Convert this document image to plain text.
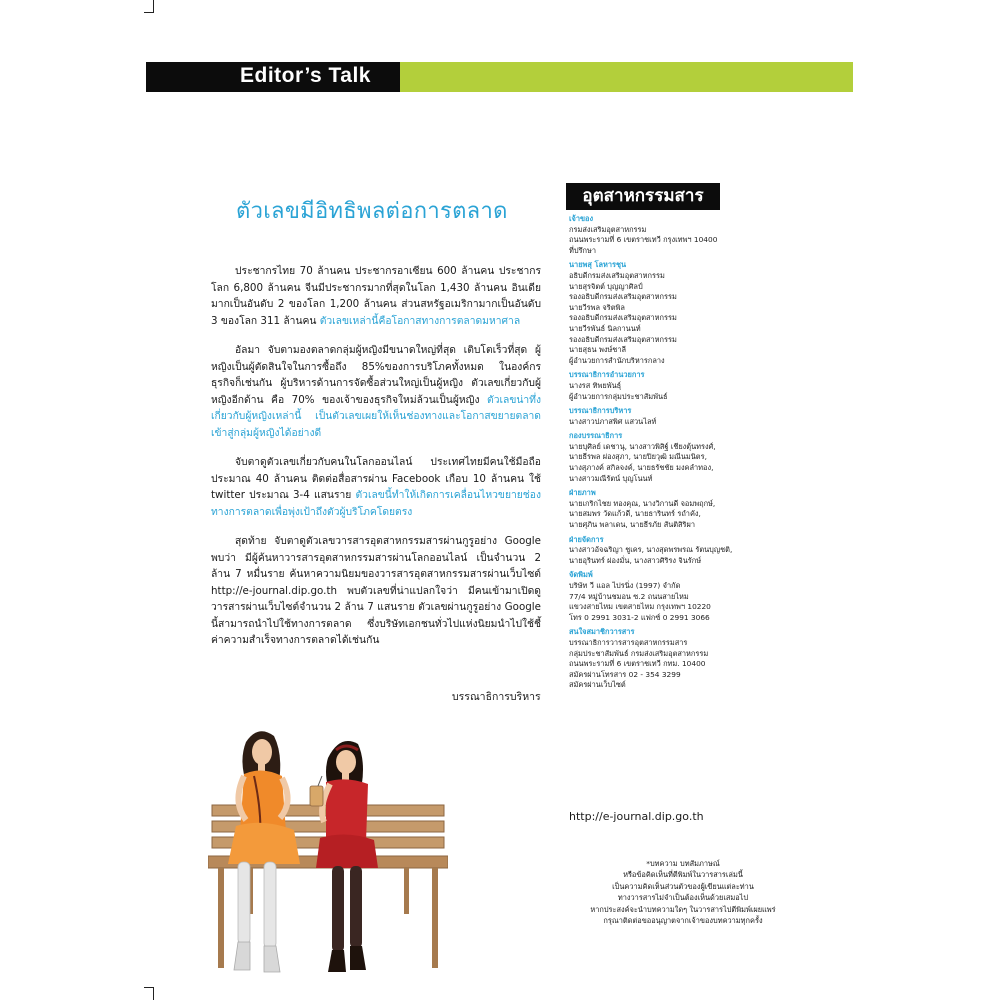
Editor’s Talk
ตัวเลขมีอิทธิพลต่อการตลาด

ประชากรไทย 70 ล้านคน ประชากรอาเซียน 600 ล้านคน ประชากรโลก 6,800 ล้านคน จีนมีประชากรมากที่สุดในโลก 1,430 ล้านคน อินเดียมากเป็นอันดับ 2 ของโลก 1,200 ล้านคน ส่วนสหรัฐอเมริกามากเป็นอันดับ 3 ของโลก 311 ล้านคน ตัวเลขเหล่านี้คือโอกาสทางการตลาดมหาศาล

อัลมา จับตามองตลาดกลุ่มผู้หญิงมีขนาดใหญ่ที่สุด เติบโตเร็วที่สุด ผู้หญิงเป็นผู้ตัดสินใจในการซื้อถึง 85%ของการบริโภคทั้งหมด ในองค์กรธุรกิจก็เช่นกัน ผู้บริหารด้านการจัดซื้อส่วนใหญ่เป็นผู้หญิง ตัวเลขเกี่ยวกับผู้หญิงอีกด้าน คือ 70% ของเจ้าของธุรกิจใหม่ล้วนเป็นผู้หญิง ตัวเลขน่าทึ่งเกี่ยวกับผู้หญิงเหล่านี้ เป็นตัวเลขเผยให้เห็นช่องทางและโอกาสขยายตลาดเข้าสู่กลุ่มผู้หญิงได้อย่างดี

จับตาดูตัวเลขเกี่ยวกับคนในโลกออนไลน์ ประเทศไทยมีคนใช้มือถือประมาณ 40 ล้านคน ติดต่อสื่อสารผ่าน Facebook เกือบ 10 ล้านคน ใช้ twitter ประมาณ 3-4 แสนราย ตัวเลขนี้ทำให้เกิดการเคลื่อนไหวขยายช่องทางการตลาดเพื่อพุ่งเป้าถึงตัวผู้บริโภคโดยตรง

สุดท้าย จับตาดูตัวเลขวารสารอุตสาหกรรมสารผ่านกูรูอย่าง Google พบว่า มีผู้ค้นหาวารสารอุตสาหกรรมสารผ่านโลกออนไลน์ เป็นจำนวน 2 ล้าน 7 หมื่นราย ค้นหาความนิยมของวารสารอุตสาหกรรมสารผ่านเว็บไซต์ http://e-journal.dip.go.th พบตัวเลขที่น่าแปลกใจว่า มีคนเข้ามาเปิดดูวารสารผ่านเว็บไซต์จำนวน 2 ล้าน 7 แสนราย ตัวเลขผ่านกูรูอย่าง Google นี้สามารถนำไปใช้ทางการตลาด ซึ่งบริษัทเอกชนทั่วไปแห่งนิยมนำไปใช้ชี้ค่าความสำเร็จทางการตลาดได้เช่นกัน

บรรณาธิการบริหาร
อุตสาหกรรมสาร
เจ้าของ
กรมส่งเสริมอุตสาหกรรม
ถนนพระรามที่ 6 เขตราชเทวี กรุงเทพฯ 10400
ที่ปรึกษา
นายพสุ โลหารชุน
อธิบดีกรมส่งเสริมอุตสาหกรรม
นายสุรจิตต์ บุญญาศิลป์
รองอธิบดีกรมส่งเสริมอุตสาหกรรม
นายวีรพล จริตพิล
รองอธิบดีกรมส่งเสริมอุตสาหกรรม
นายวีรพันธ์ นิลกานนท์
รองอธิบดีกรมส่งเสริมอุตสาหกรรม
นายสุธน พงษ์ชาลี
ผู้อำนวยการสำนักบริหารกลาง
บรรณาธิการอำนวยการ
นางรส ทิพยพันธุ์
ผู้อำนวยการกลุ่มประชาสัมพันธ์
บรรณาธิการบริหาร
นางสาวปภาสพิศ แสวนไลท์
กองบรรณาธิการ
นายบุศิลย์ เดชานุ, นางสาวพิสิฐ์ เชียงตุ้นทรงศ์,
นายธีรพล ผ่องสุภา, นายปิยวุฒิ มณีนมนิตร,
นางสุภางค์ สกิลจงค์, นายธรัชชัย มงคลำทอง,
นางสาวมณีรัตน์ บุญโนนท์
ฝ่ายภาพ
นายเกริกไชย ทองคุณ, นางวิกานดี จอมพฤกษ์,
นายสมพร วัดแก้วดี, นายธารินทร์ รถำคัง,
นายศุภิน พลาเดน, นายธีรภัย สันติสิริผา
ฝ่ายจัดการ
นางสาวอัจฉริญา ชูเคร, นางสุดพรพรณ รัตนบุญชติ,
นายอุรินทร์ ผ่องมั่น, นางสาวศิริรง จินรักษ์
จัดพิมพ์
บริษัท วี แอล ไปรนิ่ง (1997) จำกัด
77/4 หมู่บ้านชมอน ซ.2 ถนนสายไหม
แขวงสายไหม เขตสายไหม กรุงเทพฯ 10220
โทร 0 2991 3031-2 แฟกซ์ 0 2991 3066
สนใจสมาชิกวารสาร
บรรณาธิการวารสารอุตสาหกรรมสาร
กลุ่มประชาสัมพันธ์ กรมส่งเสริมอุตสาหกรรม
ถนนพระรามที่ 6 เขตราชเทวี กทม. 10400
สมัครผ่านโทรสาร 02 - 354 3299
สมัครผ่านเว็บไซต์
http://e-journal.dip.go.th
*บทความ บทสัมภาษณ์
หรือข้อคิดเห็นที่ตีพิมพ์ในวารสารเล่มนี้
เป็นความคิดเห็นส่วนตัวของผู้เขียนแต่ละท่าน
ทางวารสารไม่จำเป็นต้องเห็นด้วยเสมอไป
หากประสงค์จะนำบทความใดๆ ในวารสารไปตีพิมพ์เผยแพร่
กรุณาติดต่อขออนุญาตจากเจ้าของบทความทุกครั้ง
